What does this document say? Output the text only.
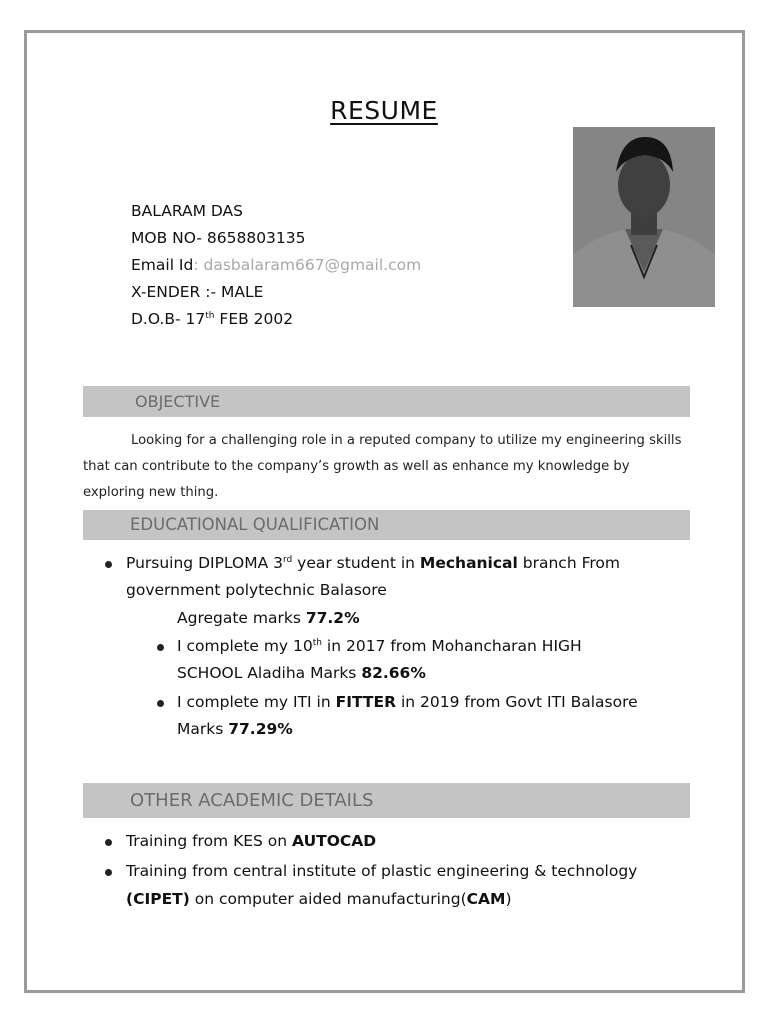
RESUME
BALARAM DAS
MOB NO- 8658803135
Email Id: dasbalaram667@gmail.com
X-ENDER :- MALE
D.O.B- 17th FEB 2002
OBJECTIVE
Looking for a challenging role in a reputed company to utilize my engineering skills that can contribute to the company’s growth as well as enhance my knowledge by exploring new thing.
EDUCATIONAL QUALIFICATION
Pursuing DIPLOMA 3rd year student in Mechanical branch From
government polytechnic Balasore
Agregate marks 77.2%
I complete my 10th in 2017 from Mohancharan HIGH
SCHOOL Aladiha Marks 82.66%
I complete my ITI in FITTER in 2019 from Govt ITI Balasore
Marks 77.29%
OTHER ACADEMIC DETAILS
Training from KES on AUTOCAD
Training from central institute of plastic engineering & technology
(CIPET) on computer aided manufacturing(CAM)
